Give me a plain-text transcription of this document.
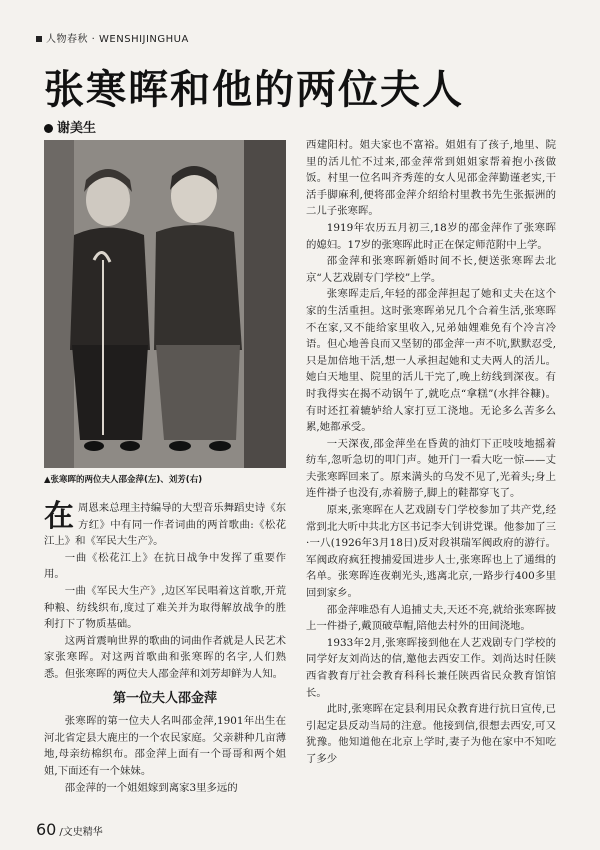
人物春秋 · WENSHIJINGHUA
张寒晖和他的两位夫人
谢美生
▲张寒晖的两位夫人邵金萍(左)、刘芳(右)

在周恩来总理主持编导的大型音乐舞蹈史诗《东方红》中有同一作者词曲的两首歌曲:《松花江上》和《军民大生产》。

一曲《松花江上》在抗日战争中发挥了重要作用。

一曲《军民大生产》,边区军民唱着这首歌,开荒种粮、纺线织布,度过了难关并为取得解放战争的胜利打下了物质基础。

这两首震响世界的歌曲的词曲作者就是人民艺术家张寒晖。对这两首歌曲和张寒晖的名字,人们熟悉。但张寒晖的两位夫人邵金萍和刘芳却鲜为人知。

第一位夫人邵金萍

张寒晖的第一位夫人名叫邵金萍,1901年出生在河北省定县大鹿庄的一个农民家庭。父亲耕种几亩薄地,母亲纺棉织布。邵金萍上面有一个哥哥和两个姐姐,下面还有一个妹妹。

邵金萍的一个姐姐嫁到离家3里多远的

西建阳村。姐夫家也不富裕。姐姐有了孩子,地里、院里的活儿忙不过来,邵金萍常到姐姐家帮着抱小孩做饭。村里一位名叫齐秀莲的女人见邵金萍勤谨老实,干活手脚麻利,便将邵金萍介绍给村里教书先生张振洲的二儿子张寒晖。

1919年农历五月初三,18岁的邵金萍作了张寒晖的媳妇。17岁的张寒晖此时正在保定师范附中上学。

邵金萍和张寒晖新婚时间不长,便送张寒晖去北京“人艺戏剧专门学校”上学。

张寒晖走后,年轻的邵金萍担起了她和丈夫在这个家的生活重担。这时张寒晖弟兄几个合着生活,张寒晖不在家,又不能给家里收入,兄弟妯娌难免有个冷言冷语。但心地善良而又坚韧的邵金萍一声不吭,默默忍受,只是加倍地干活,想一人承担起她和丈夫两人的活儿。她白天地里、院里的活儿干完了,晚上纺线到深夜。有时我得实在揭不动锅午了,就吃点“拿糕”(水拌谷糠)。有时还扛着辘轳给人家打豆工浇地。无论多么苦多么累,她都承受。

一天深夜,邵金萍坐在昏黄的油灯下正吱吱地摇着纺车,忽听急切的叩门声。她开门一看大吃一惊——丈夫张寒晖回来了。原来满头的乌发不见了,光着头;身上连件褂子也没有,赤着膀子,脚上的鞋都穿飞了。

原来,张寒晖在人艺戏剧专门学校参加了共产党,经常到北大听中共北方区书记李大钊讲党课。他参加了三·一八(1926年3月18日)反对段祺瑞军阀政府的游行。军阀政府疯狂搜捕爱国进步人士,张寒晖也上了通缉的名单。张寒晖连夜剃光头,逃离北京,一路步行400多里回到家乡。

邵金萍唯恐有人追捕丈夫,天还不亮,就给张寒晖披上一件褂子,戴顶破草帽,陪他去村外的田间浇地。

1933年2月,张寒晖接到他在人艺戏剧专门学校的同学好友刘尚达的信,邀他去西安工作。刘尚达时任陕西省教育厅社会教育科科长兼任陕西省民众教育馆馆长。

此时,张寒晖在定县利用民众教育进行抗日宣传,已引起定县反动当局的注意。他接到信,很想去西安,可又犹豫。他知道他在北京上学时,妻子为他在家中不知吃了多少

60 /文史精华
